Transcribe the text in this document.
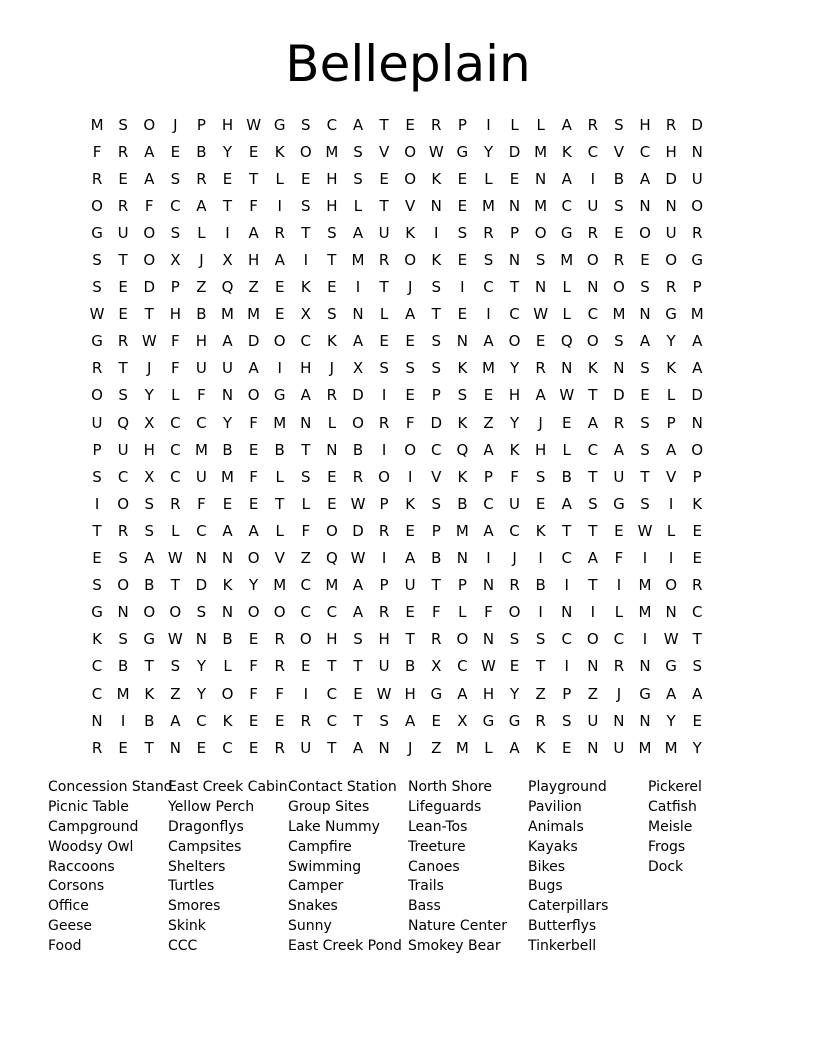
Belleplain
M S	O	J	P	H W G	S	C	A	T	E	R	P	I	L	L	A	R	S	H	R	D
F	R	A	E	B	Y	E	K	O M S	V	O W G	Y	D M K	C	V	C	H N
R	E	A	S	R	E	T	L	E	H	S	E	O	K	E	L	E	N	A	I	B	A	D U
O R	F	C	A	T	F	I	S	H	L	T	V	N	E M N M C	U	S	N N O
G U O	S	L	I	A	R	T	S	A	U	K	I	S	R	P	O G	R	E	O U	R
S	T	O	X	J	X	H	A	I	T	M R O	K	E	S	N	S M O R	E	O G
S	E	D	P	Z	Q	Z	E	K	E	I	T	J	S	I	C	T	N	L	N O	S	R	P
W E	T	H	B M M E	X	S	N	L	A	T	E	I	C W L	C M N G M
G	R W F	H	A	D O C	K	A	E	E	S	N	A	O	E	Q O	S	A	Y	A
R	T	J	F	U	U	A	I	H	J	X	S	S	S	K M	Y	R	N	K	N	S	K	A
O	S	Y	L	F	N O G	A	R	D	I	E	P	S	E	H	A W T	D	E	L	D
U Q	X	C	C	Y	F	M N	L	O R	F	D	K	Z	Y	J	E	A	R	S	P	N
P	U H	C M B	E	B	T	N	B	I	O C Q	A	K	H	L	C	A	S	A	O
S	C	X	C	U M	F	L	S	E	R O	I	V	K	P	F	S	B	T	U	T	V	P
I	O	S	R	F	E	E	T	L	E W P	K	S	B	C	U	E	A	S	G	S	I	K
T	R	S	L	C	A	A	L	F	O D	R	E	P	M A	C	K	T	T	E W L	E
E	S	A W N N O	V	Z	Q W	I	A	B	N	I	J	I	C	A	F	I	I	E
S	O	B	T	D	K	Y	M C M A	P	U	T	P	N	R	B	I	T	I	M O R
G N O O	S	N O O C	C	A	R	E	F	L	F	O	I	N	I	L	M N	C
K	S	G W N	B	E	R O H	S	H	T	R O N	S	S	C O C	I	W T
C	B	T	S	Y	L	F	R	E	T	T	U	B	X	C W E	T	I	N	R	N G	S
C M K	Z	Y	O	F	F	I	C	E W H G	A	H	Y	Z	P	Z	J	G	A	A
N	I	B	A	C	K	E	E	R	C	T	S	A	E	X	G G	R	S	U N N	Y	E
R	E	T	N	E	C	E	R	U	T	A	N	J	Z M	L	A	K	E	N U M M	Y
Concession Stand
Picnic Table
Campground
Woodsy Owl
Raccoons
Corsons
Office
Geese
Food
East Creek Cabin
Yellow Perch
Dragonflys
Campsites
Shelters
Turtles
Smores
Skink
CCC
Contact Station
Group Sites
Lake Nummy
Campfire
Swimming
Camper
Snakes
Sunny
East Creek Pond
North Shore
Lifeguards
Lean-Tos
Treeture
Canoes
Trails
Bass
Nature Center
Smokey Bear
Playground
Pavilion
Animals
Kayaks
Bikes
Bugs
Caterpillars
Butterflys
Tinkerbell
Pickerel
Catfish
Meisle
Frogs
Dock
